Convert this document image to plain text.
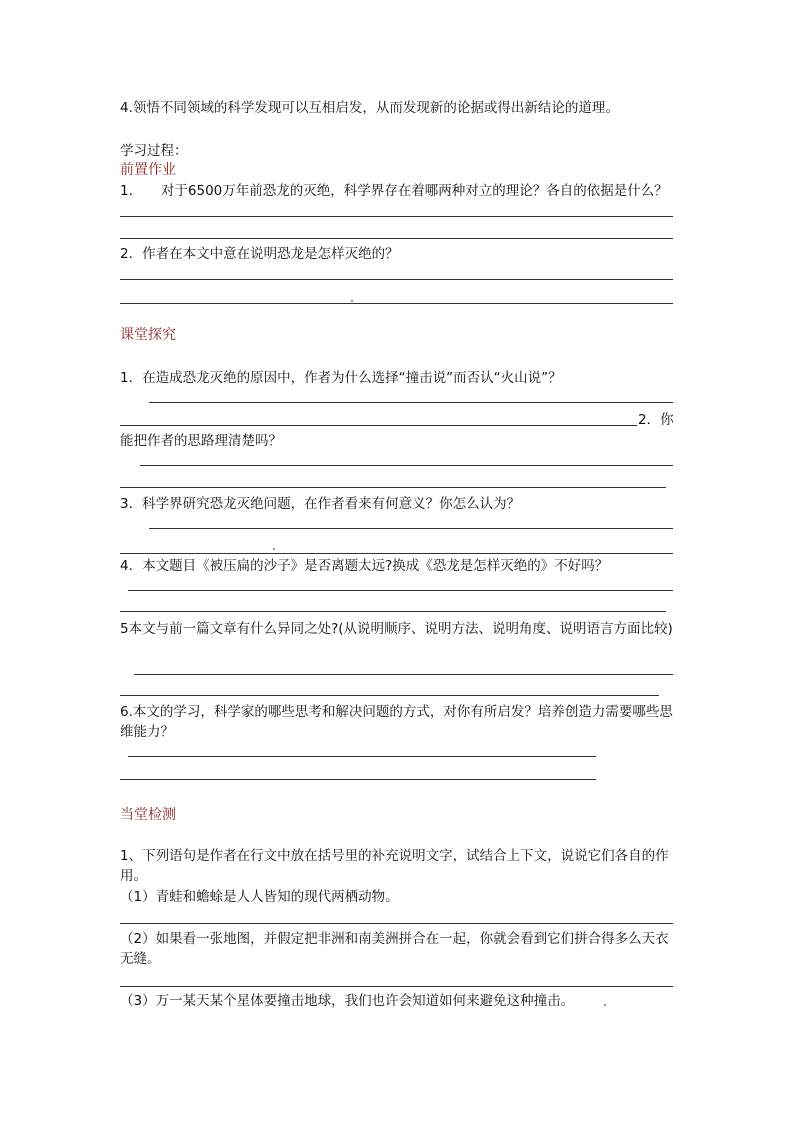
4.领悟不同领域的科学发现可以互相启发，从而发现新的论据或得出新结论的道理。
学习过程：
前置作业
1. 对于6500万年前恐龙的灭绝，科学界存在着哪两种对立的理论？各自的依据是什么？
2．作者在本文中意在说明恐龙是怎样灭绝的？
课堂探究
1．在造成恐龙灭绝的原因中，作者为什么选择“撞击说”而否认“火山说”？
2．你
能把作者的思路理清楚吗？
3．科学界研究恐龙灭绝问题，在作者看来有何意义？你怎么认为？
4．本文题目《被压扁的沙子》是否离题太远?换成《恐龙是怎样灭绝的》不好吗？
5本文与前一篇文章有什么异同之处?(从说明顺序、说明方法、说明角度、说明语言方面比较)
6.本文的学习，科学家的哪些思考和解决问题的方式，对你有所启发？培养创造力需要哪些思维能力？
当堂检测
1、下列语句是作者在行文中放在括号里的补充说明文字，试结合上下文，说说它们各自的作用。
（1）青蛙和蟾蜍是人人皆知的现代两栖动物。
（2）如果看一张地图，并假定把非洲和南美洲拼合在一起，你就会看到它们拼合得多么天衣无缝。
（3）万一某天某个星体要撞击地球，我们也许会知道如何来避免这种撞击。
